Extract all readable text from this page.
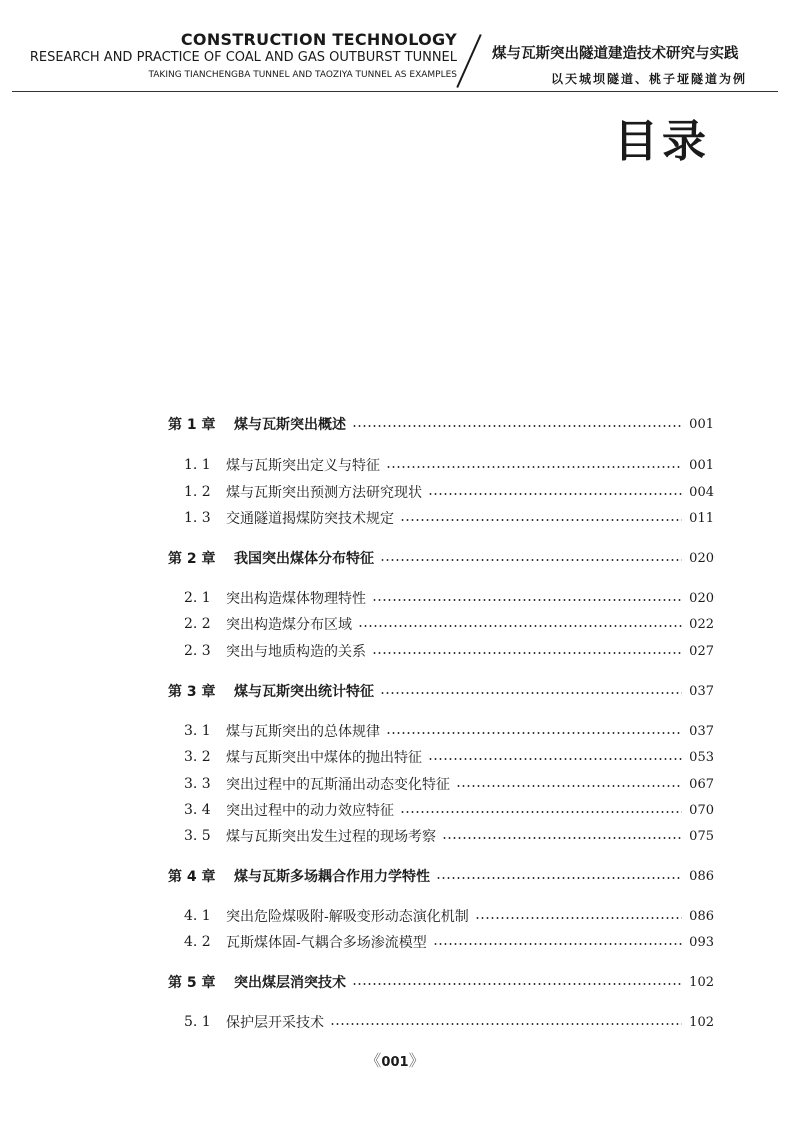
CONSTRUCTION TECHNOLOGY
RESEARCH AND PRACTICE OF COAL AND GAS OUTBURST TUNNEL
TAKING TIANCHENGBA TUNNEL AND TAOZIYA TUNNEL AS EXAMPLES
煤与瓦斯突出隧道建造技术研究与实践
以天城坝隧道、桃子垭隧道为例
目录
第 1 章	煤与瓦斯突出概述	001
1. 1	煤与瓦斯突出定义与特征	001
1. 2	煤与瓦斯突出预测方法研究现状	004
1. 3	交通隧道揭煤防突技术规定	011
第 2 章	我国突出煤体分布特征	020
2. 1	突出构造煤体物理特性	020
2. 2	突出构造煤分布区域	022
2. 3	突出与地质构造的关系	027
第 3 章	煤与瓦斯突出统计特征	037
3. 1	煤与瓦斯突出的总体规律	037
3. 2	煤与瓦斯突出中煤体的抛出特征	053
3. 3	突出过程中的瓦斯涌出动态变化特征	067
3. 4	突出过程中的动力效应特征	070
3. 5	煤与瓦斯突出发生过程的现场考察	075
第 4 章	煤与瓦斯多场耦合作用力学特性	086
4. 1	突出危险煤吸附-解吸变形动态演化机制	086
4. 2	瓦斯煤体固-气耦合多场渗流模型	093
第 5 章	突出煤层消突技术	102
5. 1	保护层开采技术	102
《001》
